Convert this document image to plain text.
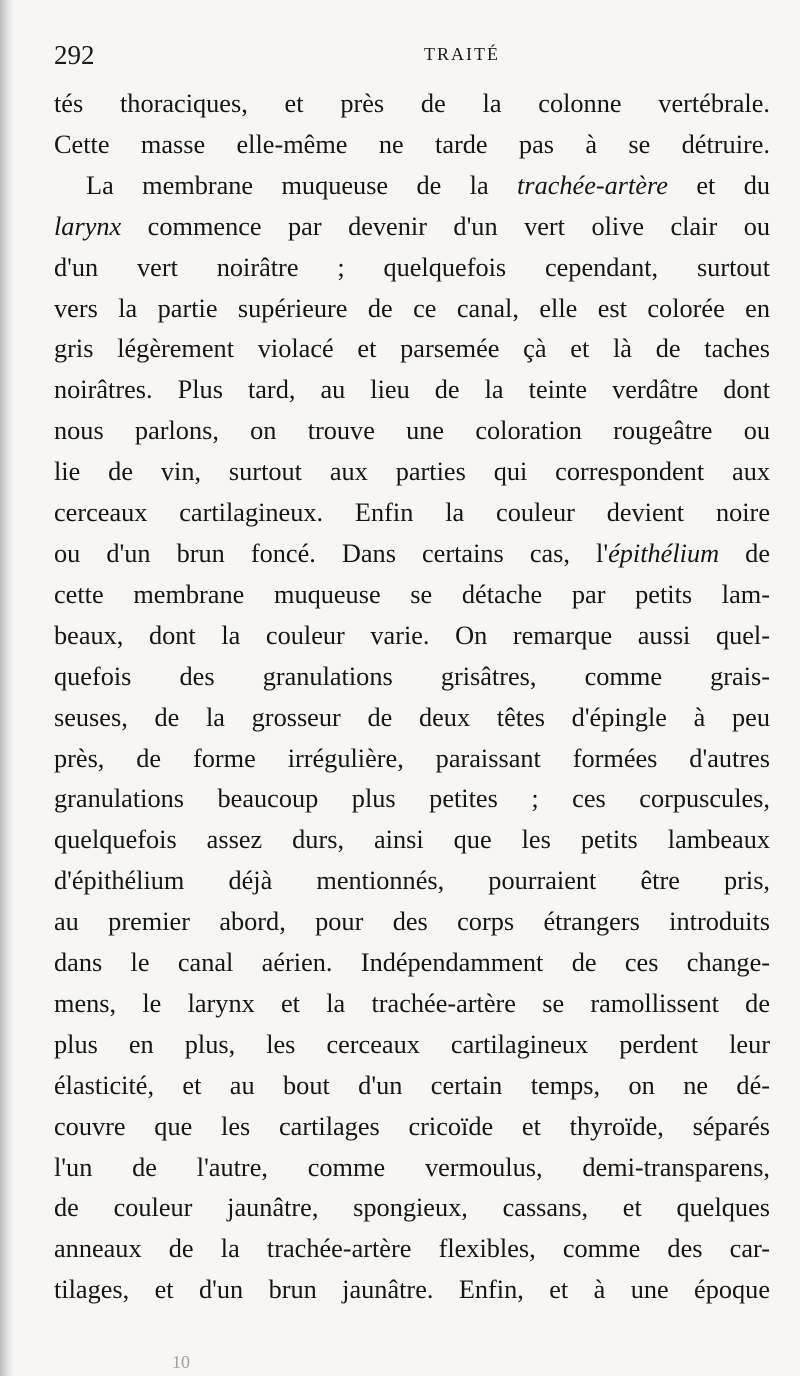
292	TRAITÉ
tés thoraciques, et près de la colonne vertébrale.
Cette masse elle-même ne tarde pas à se détruire.
La membrane muqueuse de la trachée-artère et du
larynx commence par devenir d'un vert olive clair ou
d'un vert noirâtre ; quelquefois cependant, surtout
vers la partie supérieure de ce canal, elle est colorée en
gris légèrement violacé et parsemée çà et là de taches
noirâtres. Plus tard, au lieu de la teinte verdâtre dont
nous parlons, on trouve une coloration rougeâtre ou
lie de vin, surtout aux parties qui correspondent aux
cerceaux cartilagineux. Enfin la couleur devient noire
ou d'un brun foncé. Dans certains cas, l'épithélium de
cette membrane muqueuse se détache par petits lam-
beaux, dont la couleur varie. On remarque aussi quel-
quefois des granulations grisâtres, comme grais-
seuses, de la grosseur de deux têtes d'épingle à peu
près, de forme irrégulière, paraissant formées d'autres
granulations beaucoup plus petites ; ces corpuscules,
quelquefois assez durs, ainsi que les petits lambeaux
d'épithélium déjà mentionnés, pourraient être pris,
au premier abord, pour des corps étrangers introduits
dans le canal aérien. Indépendamment de ces change-
mens, le larynx et la trachée-artère se ramollissent de
plus en plus, les cerceaux cartilagineux perdent leur
élasticité, et au bout d'un certain temps, on ne dé-
couvre que les cartilages cricoïde et thyroïde, séparés
l'un de l'autre, comme vermoulus, demi-transparens,
de couleur jaunâtre, spongieux, cassans, et quelques
anneaux de la trachée-artère flexibles, comme des car-
tilages, et d'un brun jaunâtre. Enfin, et à une époque
10
